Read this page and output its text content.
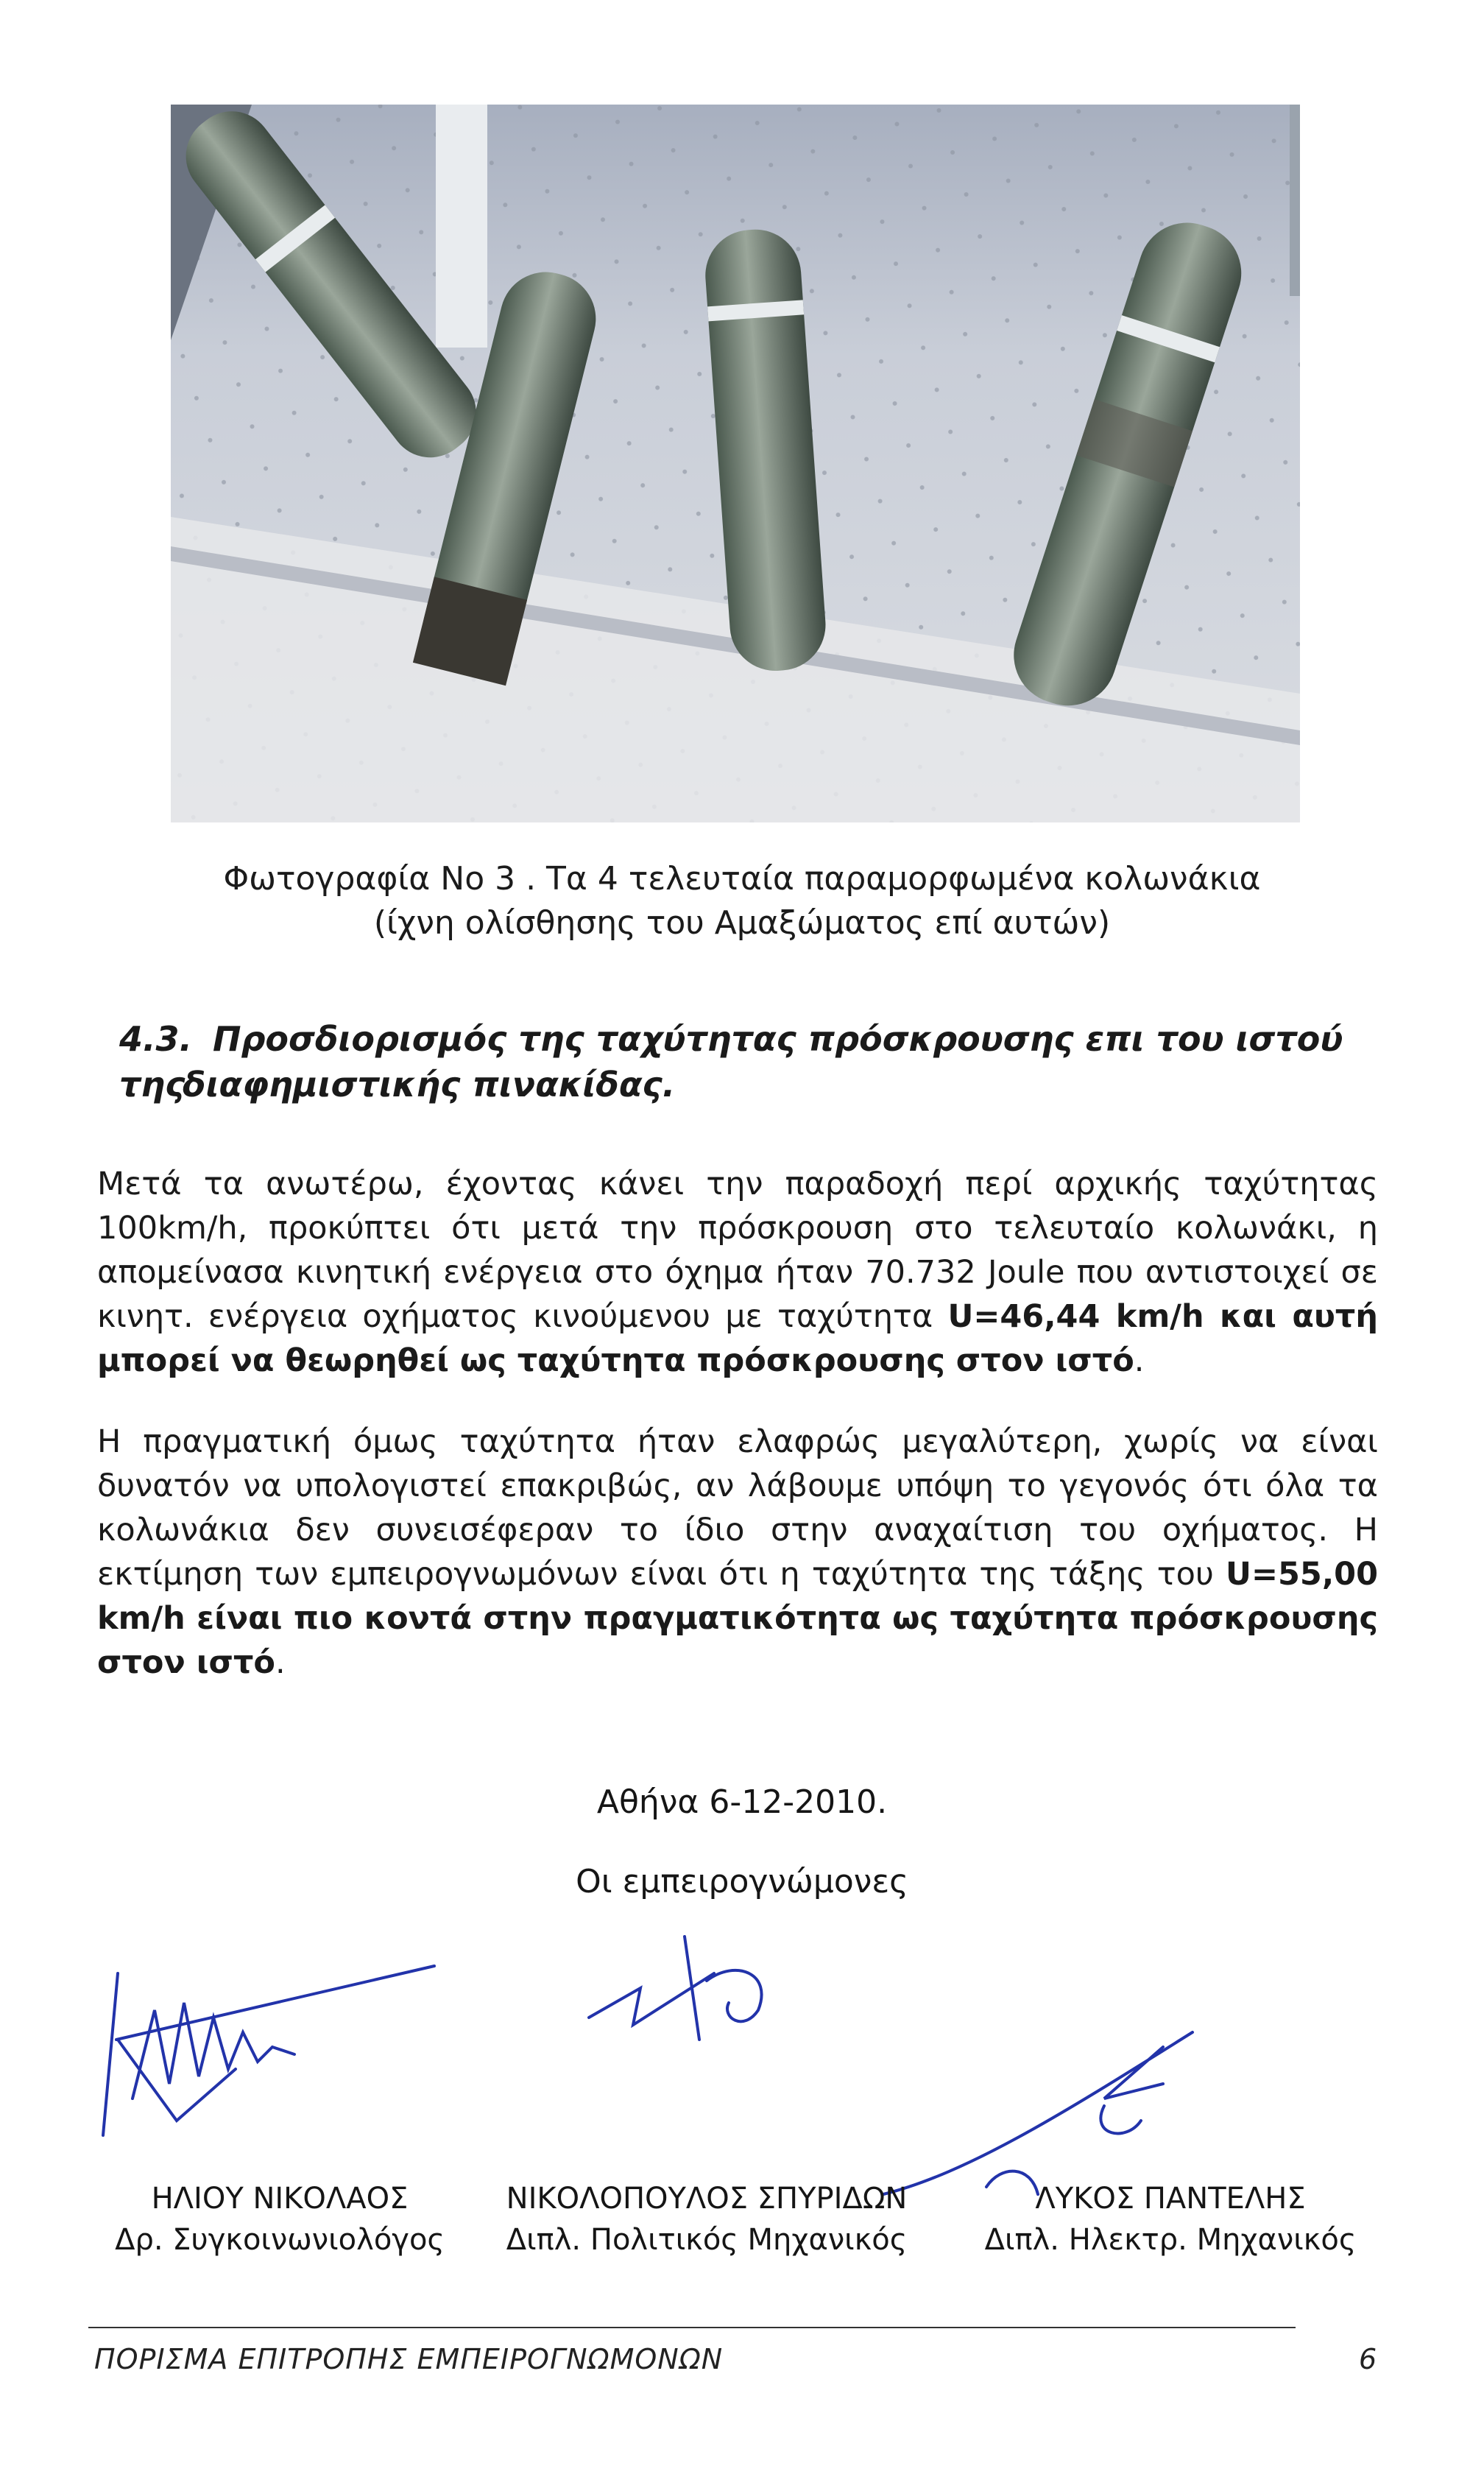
Φωτογραφία Νο 3 . Τα 4 τελευταία παραμορφωμένα κολωνάκια
(ίχνη ολίσθησης του Αμαξώματος επί αυτών)
4.3. Προσδιορισμός της ταχύτητας πρόσκρουσης επι του ιστού της
διαφημιστικής πινακίδας.

Μετά τα ανωτέρω, έχοντας κάνει την παραδοχή περί αρχικής ταχύτητας 100km/h, προκύπτει ότι μετά την πρόσκρουση στο τελευταίο κολωνάκι, η απομείνασα κινητική ενέργεια στο όχημα ήταν 70.732 Joule που αντιστοιχεί σε κινητ. ενέργεια οχήματος κινούμενου με ταχύτητα U=46,44 km/h και αυτή μπορεί να θεωρηθεί ως ταχύτητα πρόσκρουσης στον ιστό.

Η πραγματική όμως ταχύτητα ήταν ελαφρώς μεγαλύτερη, χωρίς να είναι δυνατόν να υπολογιστεί επακριβώς, αν λάβουμε υπόψη το γεγονός ότι όλα τα κολωνάκια δεν συνεισέφεραν το ίδιο στην αναχαίτιση του οχήματος. Η εκτίμηση των εμπειρογνωμόνων είναι ότι η ταχύτητα της τάξης του U=55,00 km/h είναι πιο κοντά στην πραγματικότητα ως ταχύτητα πρόσκρουσης στον ιστό.

Αθήνα 6-12-2010.
Οι εμπειρογνώμονες
ΗΛΙΟΥ ΝΙΚΟΛΑΟΣ
Δρ. Συγκοινωνιολόγος
ΝΙΚΟΛΟΠΟΥΛΟΣ ΣΠΥΡΙΔΩΝ
Διπλ. Πολιτικός Μηχανικός
ΛΥΚΟΣ ΠΑΝΤΕΛΗΣ
Διπλ. Ηλεκτρ. Μηχανικός
ΠΟΡΙΣΜΑ ΕΠΙΤΡΟΠΗΣ ΕΜΠΕΙΡΟΓΝΩΜΟΝΩΝ	6
